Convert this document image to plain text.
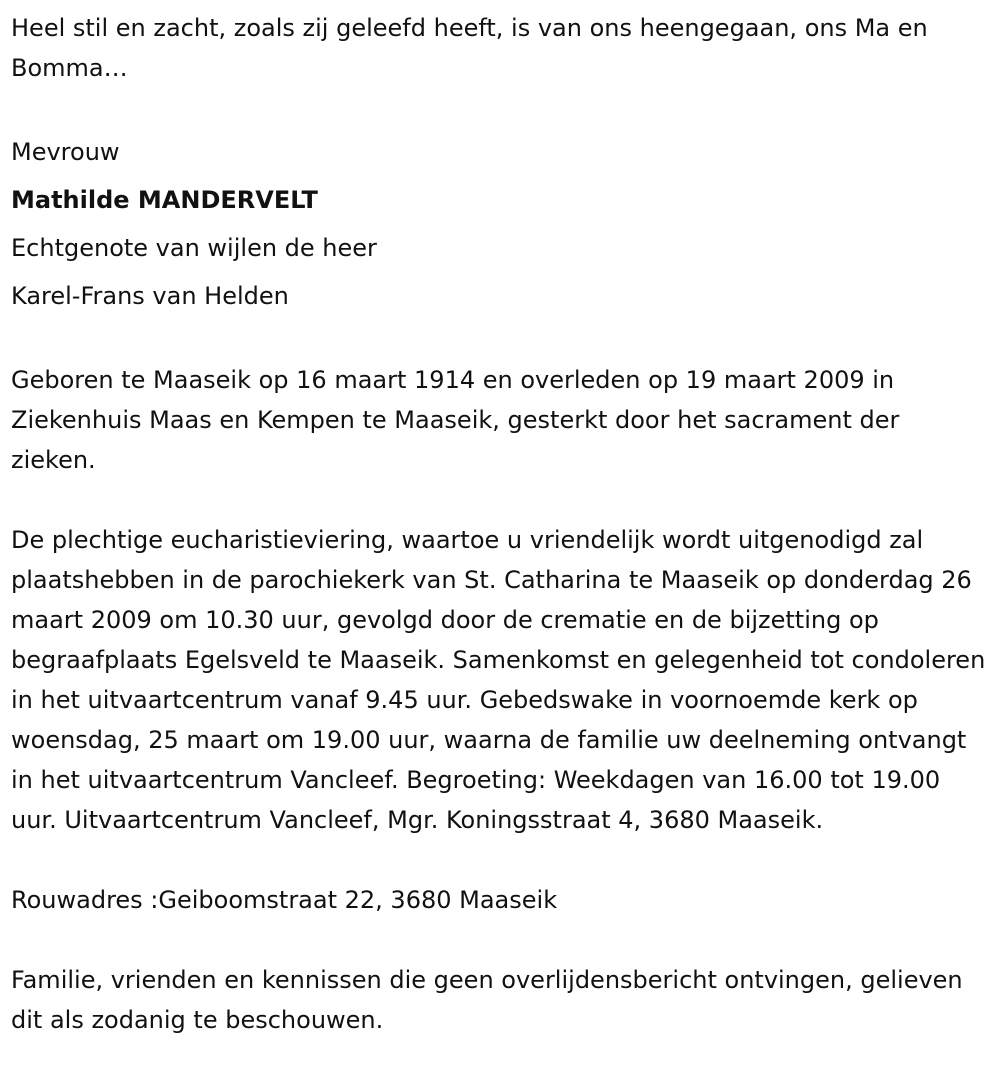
Heel stil en zacht, zoals zij geleefd heeft, is van ons heengegaan, ons Ma en Bomma…

Mevrouw

Mathilde MANDERVELT

Echtgenote van wijlen de heer

Karel-Frans van Helden

Geboren te Maaseik op 16 maart 1914 en overleden op 19 maart 2009 in Ziekenhuis Maas en Kempen te Maaseik, gesterkt door het sacrament der zieken.

De plechtige eucharistieviering, waartoe u vriendelijk wordt uitgenodigd zal plaatshebben in de parochiekerk van St. Catharina te Maaseik op donderdag 26 maart 2009 om 10.30 uur, gevolgd door de crematie en de bijzetting op begraafplaats Egelsveld te Maaseik. Samenkomst en gelegenheid tot condoleren in het uitvaartcentrum vanaf 9.45 uur. Gebedswake in voornoemde kerk op woensdag, 25 maart om 19.00 uur, waarna de familie uw deelneming ontvangt in het uitvaartcentrum Vancleef. Begroeting: Weekdagen van 16.00 tot 19.00 uur. Uitvaartcentrum Vancleef, Mgr. Koningsstraat 4, 3680 Maaseik.

Rouwadres :Geiboomstraat 22, 3680 Maaseik

Familie, vrienden en kennissen die geen overlijdensbericht ontvingen, gelieven dit als zodanig te beschouwen.
